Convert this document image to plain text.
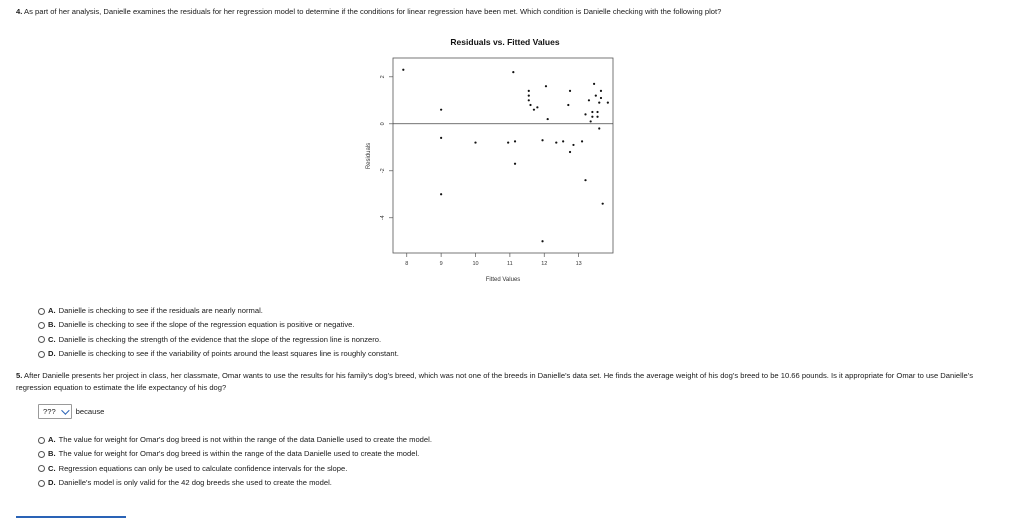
4. As part of her analysis, Danielle examines the residuals for her regression model to determine if the conditions for linear regression have been met. Which condition is Danielle checking with the following plot?
Residuals vs. Fitted Values
8	9	10	11	12	13
-4
-2
0
2
Fitted Values
Residuals
A. Danielle is checking to see if the residuals are nearly normal.
B. Danielle is checking to see if the slope of the regression equation is positive or negative.
C. Danielle is checking the strength of the evidence that the slope of the regression line is nonzero.
D. Danielle is checking to see if the variability of points around the least squares line is roughly constant.
5. After Danielle presents her project in class, her classmate, Omar wants to use the results for his family's dog's breed, which was not one of the breeds in Danielle's data set. He finds the average weight of his dog's breed to be 10.66 pounds. Is it appropriate for Omar to use Danielle's regression equation to estimate the life expectancy of his dog?
???	because
A. The value for weight for Omar's dog breed is not within the range of the data Danielle used to create the model.
B. The value for weight for Omar's dog breed is within the range of the data Danielle used to create the model.
C. Regression equations can only be used to calculate confidence intervals for the slope.
D. Danielle's model is only valid for the 42 dog breeds she used to create the model.
